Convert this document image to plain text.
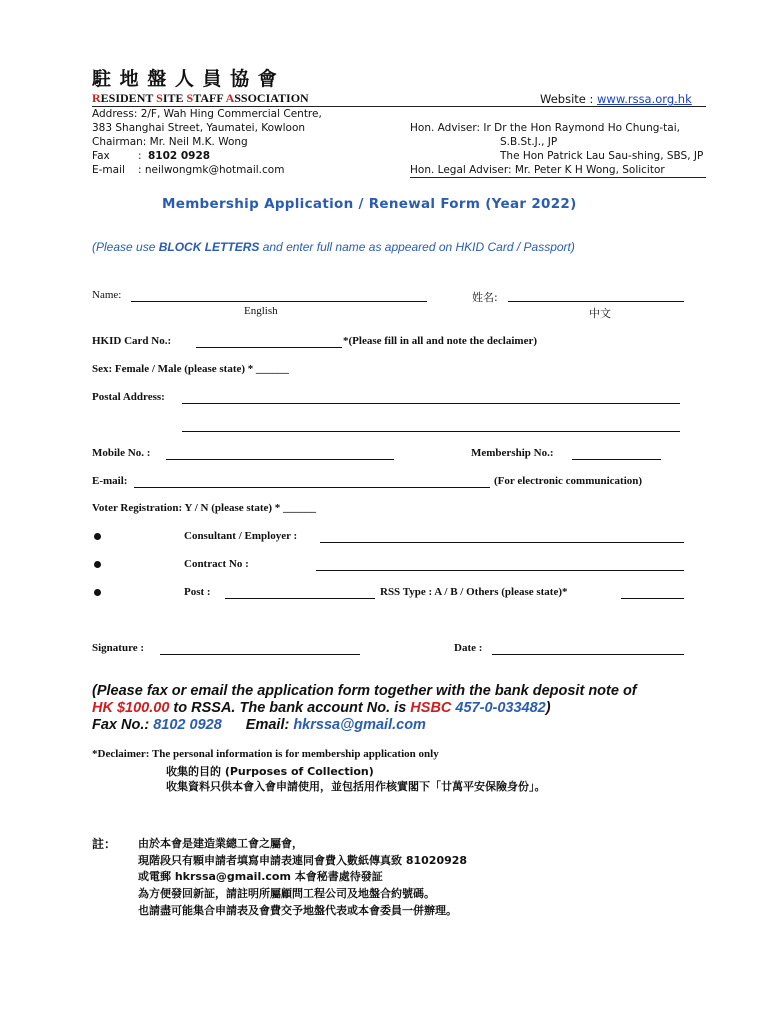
駐 地 盤 人 員 協 會
RESIDENT SITE STAFF ASSOCIATION	Website : www.rssa.org.hk
Address: 2/F, Wah Hing Commercial Centre,
383 Shanghai Street, Yaumatei, Kowloon
Chairman: Mr. Neil M.K. Wong
Fax	: 8102 0928
E-mail : neilwongmk@hotmail.com
Hon. Adviser: Ir Dr the Hon Raymond Ho Chung-tai,
S.B.St.J., JP
The Hon Patrick Lau Sau-shing, SBS, JP
Hon. Legal Adviser: Mr. Peter K H Wong, Solicitor
Membership Application / Renewal Form (Year 2022)
(Please use BLOCK LETTERS and enter full name as appeared on HKID Card / Passport)
Name:
English
姓名:
中文
HKID Card No.:	*(Please fill in all and note the declaimer)
Sex: Female / Male (please state) * ______
Postal Address:
Mobile No. :	Membership No.:
E-mail:	(For electronic communication)
Voter Registration: Y / N (please state) * ______
Consultant / Employer :
Contract No :
Post :	RSS Type : A / B / Others (please state)*
Signature :	Date :
(Please fax or email the application form together with the bank deposit note of
HK $100.00 to RSSA. The bank account No. is HSBC 457-0-033482)
Fax No.: 8102 0928 Email: hkrssa@gmail.com
*Declaimer: The personal information is for membership application only
收集的目的 (Purposes of Collection)
收集資料只供本會入會申請使用，並包括用作核實閣下「廿萬平安保險身份」。
註： 由於本會是建造業總工會之屬會，
現階段只有顆申請者填寫申請表連同會費入數紙傳真致 81020928
或電郵 hkrssa@gmail.com 本會秘書處待發証
為方便發回新証，請註明所屬顧問工程公司及地盤合約號碼。
也請盡可能集合申請表及會費交予地盤代表或本會委員一併辦理。
